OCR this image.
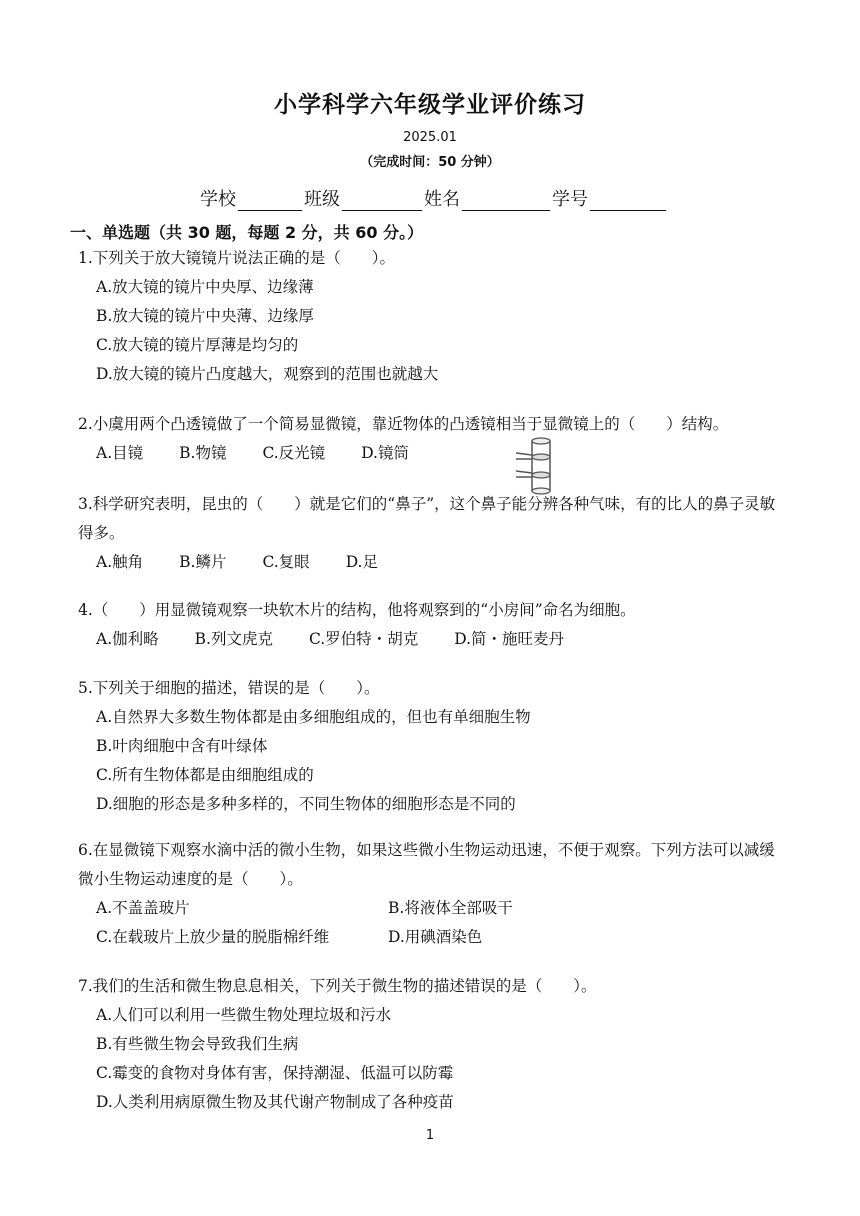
小学科学六年级学业评价练习
2025.01
（完成时间：50 分钟）
学校	班级	姓名	学号
一、单选题（共 30 题，每题 2 分，共 60 分。）
1.下列关于放大镜镜片说法正确的是（　　）。
A.放大镜的镜片中央厚、边缘薄
B.放大镜的镜片中央薄、边缘厚
C.放大镜的镜片厚薄是均匀的
D.放大镜的镜片凸度越大，观察到的范围也就越大
2.小虞用两个凸透镜做了一个简易显微镜，靠近物体的凸透镜相当于显微镜上的（　　）结构。
A.目镜 B.物镜 C.反光镜 D.镜筒
3.科学研究表明，昆虫的（　　）就是它们的“鼻子”，这个鼻子能分辨各种气味，有的比人的鼻子灵敏得多。
A.触角 B.鳞片 C.复眼 D.足
4.（　　）用显微镜观察一块软木片的结构，他将观察到的“小房间”命名为细胞。
A.伽利略 B.列文虎克 C.罗伯特・胡克 D.简・施旺麦丹
5.下列关于细胞的描述，错误的是（　　）。
A.自然界大多数生物体都是由多细胞组成的，但也有单细胞生物
B.叶肉细胞中含有叶绿体
C.所有生物体都是由细胞组成的
D.细胞的形态是多种多样的，不同生物体的细胞形态是不同的
6.在显微镜下观察水滴中活的微小生物，如果这些微小生物运动迅速，不便于观察。下列方法可以减缓微小生物运动速度的是（　　）。
A.不盖盖玻片	B.将液体全部吸干
C.在载玻片上放少量的脱脂棉纤维	D.用碘酒染色
7.我们的生活和微生物息息相关，下列关于微生物的描述错误的是（　　）。
A.人们可以利用一些微生物处理垃圾和污水
B.有些微生物会导致我们生病
C.霉变的食物对身体有害，保持潮湿、低温可以防霉
D.人类利用病原微生物及其代谢产物制成了各种疫苗
1
